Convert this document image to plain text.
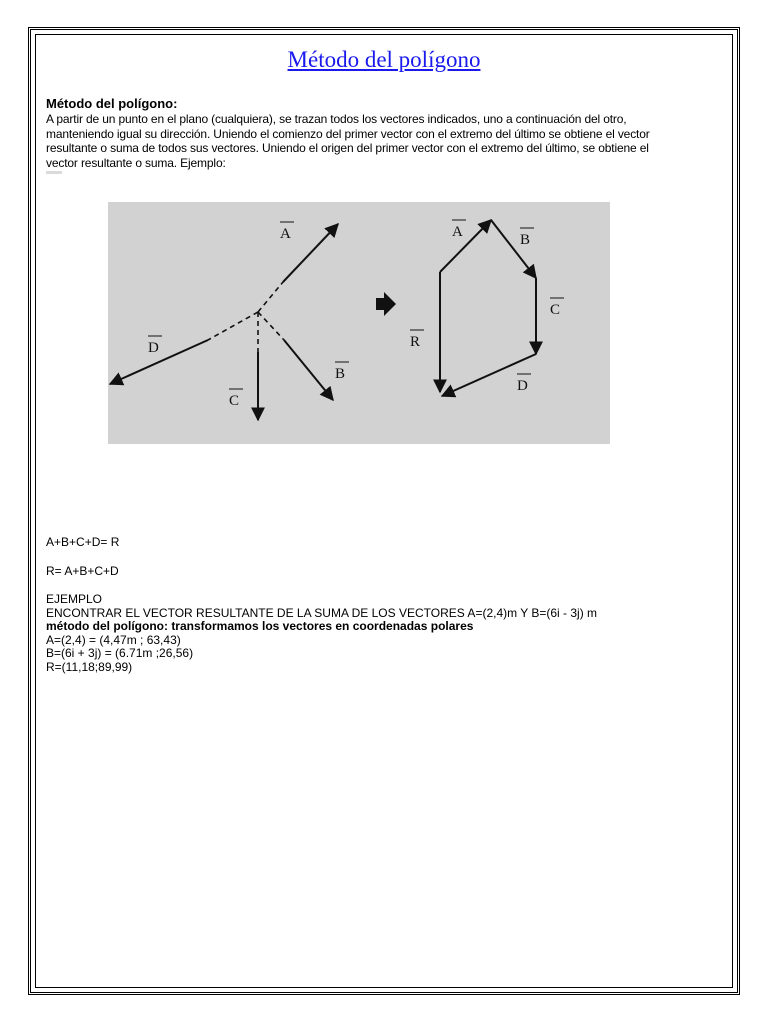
Método del polígono
Método del polígono:
A partir de un punto en el plano (cualquiera), se trazan todos los vectores indicados, uno a continuación del otro,
manteniendo igual su dirección. Uniendo el comienzo del primer vector con el extremo del último se obtiene el vector
resultante o suma de todos sus vectores. Uniendo el origen del primer vector con el extremo del último, se obtiene el
vector resultante o suma. Ejemplo:
A
D
C
B
A	B
C
D
R
A+B+C+D= R
R= A+B+C+D
EJEMPLO
ENCONTRAR EL VECTOR RESULTANTE DE LA SUMA DE LOS VECTORES A=(2,4)m Y B=(6i - 3j) m
método del polígono: transformamos los vectores en coordenadas polares
A=(2,4) = (4,47m ; 63,43)
B=(6i + 3j) = (6.71m ;26,56)
R=(11,18;89,99)
